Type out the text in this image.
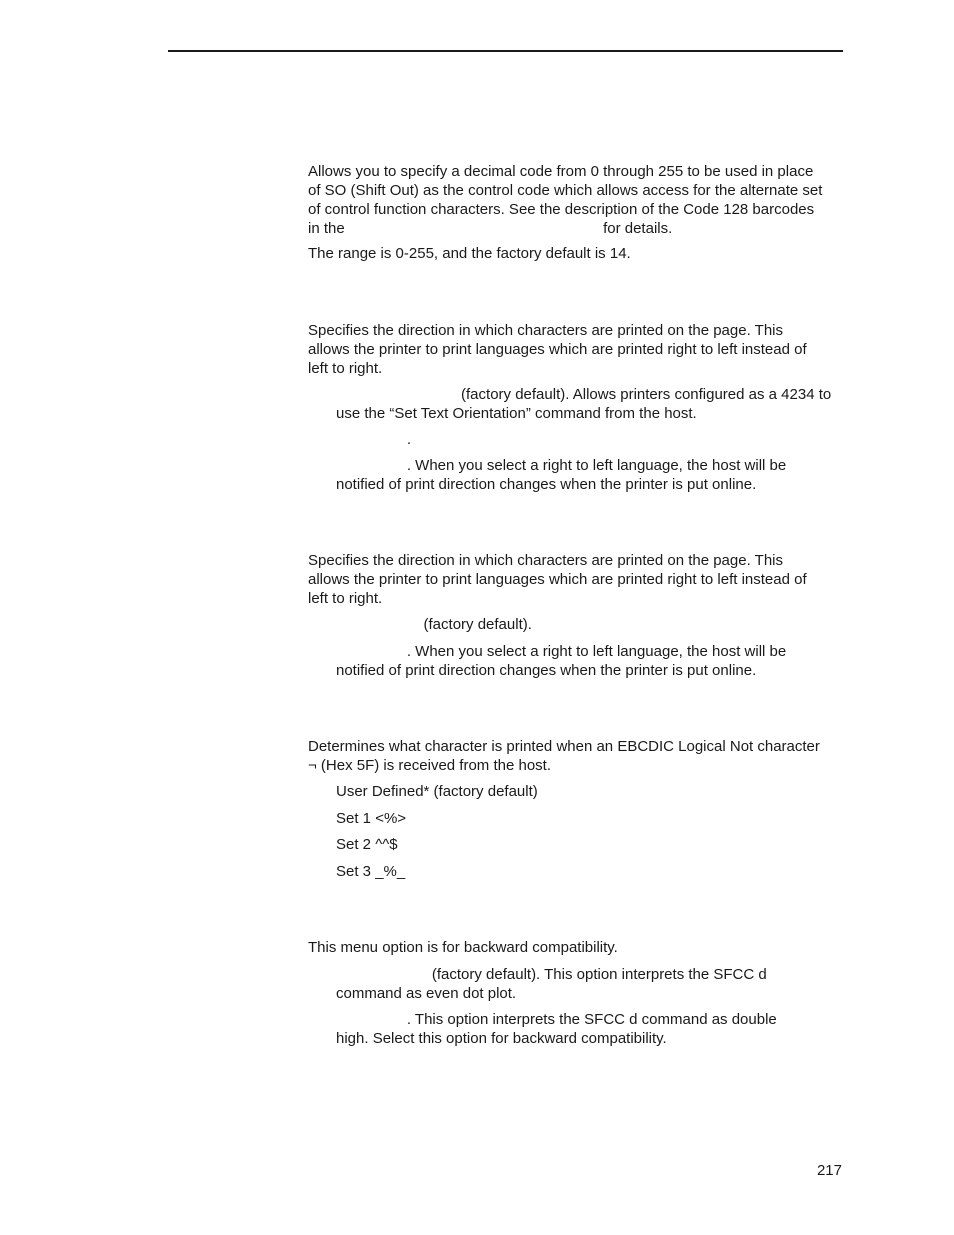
Allows you to specify a decimal code from 0 through 255 to be used in place
of SO (Shift Out) as the control code which allows access for the alternate set
of control function characters. See the description of the Code 128 barcodes
in the                                                              for details.

The range is 0-255, and the factory default is 14.

Specifies the direction in which characters are printed on the page. This
allows the printer to print languages which are printed right to left instead of
left to right.

(factory default). Allows printers configured as a 4234 to
use the “Set Text Orientation” command from the host.

.

. When you select a right to left language, the host will be
notified of print direction changes when the printer is put online.

Specifies the direction in which characters are printed on the page. This
allows the printer to print languages which are printed right to left instead of
left to right.

(factory default).

. When you select a right to left language, the host will be
notified of print direction changes when the printer is put online.

Determines what character is printed when an EBCDIC Logical Not character
¬ (Hex 5F) is received from the host.

User Defined* (factory default)

Set 1 <%>

Set 2 ^^$

Set 3 _%_

This menu option is for backward compatibility.

(factory default). This option interprets the SFCC d
command as even dot plot.

. This option interprets the SFCC d command as double
high. Select this option for backward compatibility.

217
